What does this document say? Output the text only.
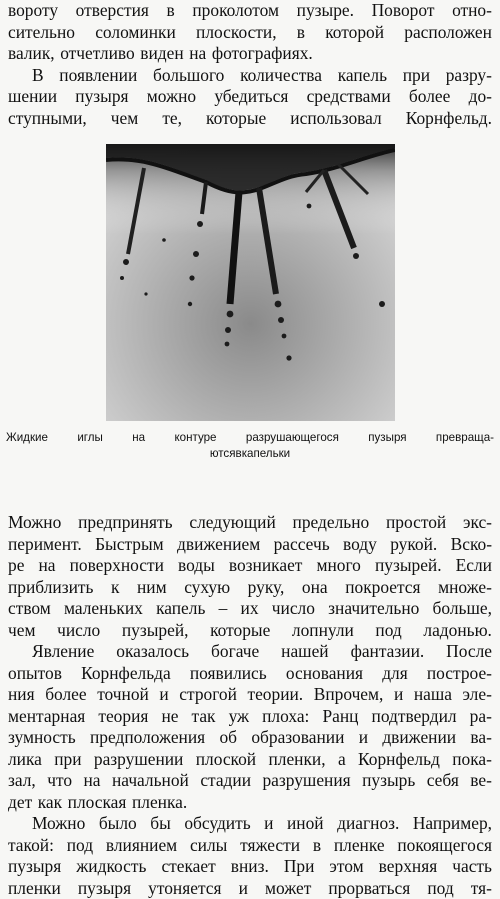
вороту отверстия в проколотом пузыре. Поворот отно-
сительно соломинки плоскости, в которой расположен
валик, отчетливо виден на фотографиях.
В появлении большого количества капель при разру-
шении пузыря можно убедиться средствами более до-
ступными, чем те, которые использовал Корнфельд.
Жидкие	иглы	на	контуре	разрушающегося	пузыря	превраща-
ются в капельки
Можно предпринять следующий предельно простой экс-
перимент. Быстрым движением рассечь воду рукой. Вско-
ре на поверхности воды возникает много пузырей. Если
приблизить к ним сухую руку, она покроется множе-
ством маленьких капель – их число значительно больше,
чем число пузырей, которые лопнули под ладонью.
Явление оказалось богаче нашей фантазии. После
опытов Корнфельда появились основания для построе-
ния более точной и строгой теории. Впрочем, и наша эле-
ментарная теория не так уж плоха: Ранц подтвердил ра-
зумность предположения об образовании и движении ва-
лика при разрушении плоской пленки, а Корнфельд пока-
зал, что на начальной стадии разрушения пузырь себя ве-
дет как плоская пленка.
Можно было бы обсудить и иной диагноз. Например,
такой: под влиянием силы тяжести в пленке покоящегося
пузыря жидкость стекает вниз. При этом верхняя часть
пленки пузыря утоняется и может прорваться под тя-
